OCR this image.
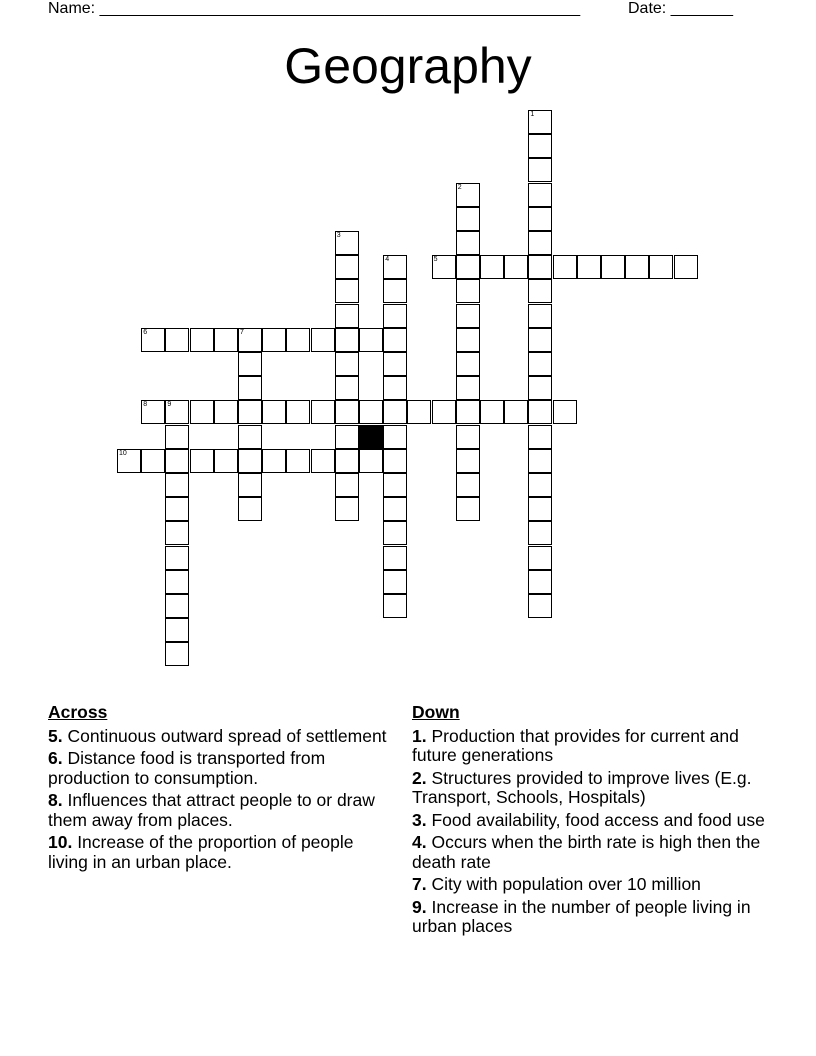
Name: ______________________________________________________	Date: _______
Geography
1
2
3
4	5
6	7
8	9
10
Across
5. Continuous outward spread of settlement
6. Distance food is transported from production to consumption.
8. Influences that attract people to or draw them away from places.
10. Increase of the proportion of people living in an urban place.
Down
1. Production that provides for current and future generations
2. Structures provided to improve lives (E.g. Transport, Schools, Hospitals)
3. Food availability, food access and food use
4. Occurs when the birth rate is high then the death rate
7. City with population over 10 million
9. Increase in the number of people living in urban places
